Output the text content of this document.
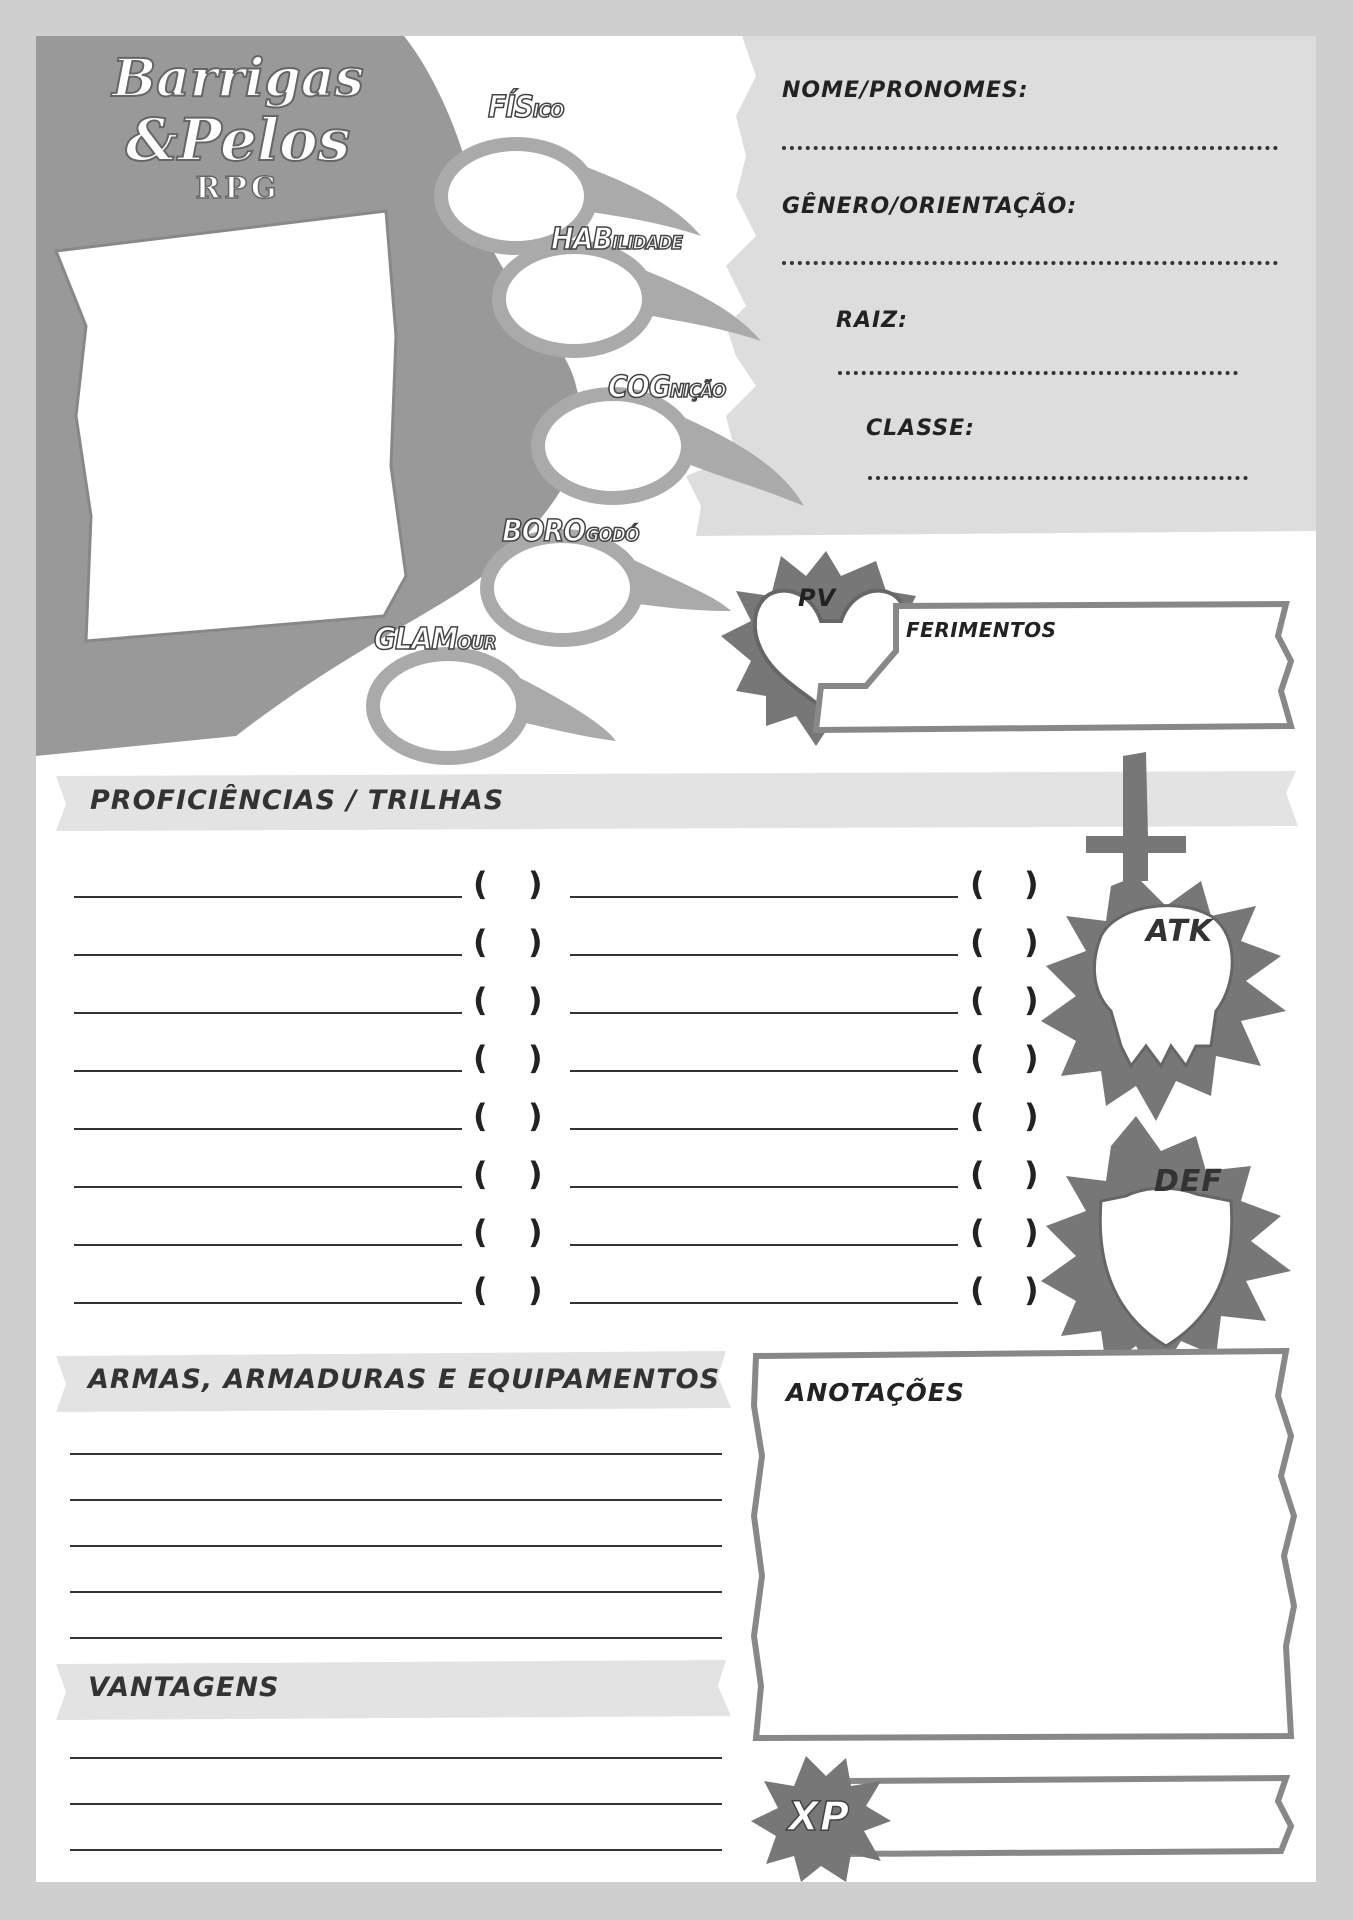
Barrigas
&Pelos
RPG
FÍSICO
HABILIDADE
COGNIÇÃO
BOROGODÓ
GLAMOUR
NOME/PRONOMES:
GÊNERO/ORIENTAÇÃO:
RAIZ:
CLASSE:
PV
FERIMENTOS
PROFICIÊNCIAS / TRILHAS
( )	( )
( )	( )
( )	( )
( )	( )
( )	( )
( )	( )
( )	( )
( )	( )
ATK
DEF
ARMAS, ARMADURAS E EQUIPAMENTOS
VANTAGENS
ANOTAÇÕES
XP
